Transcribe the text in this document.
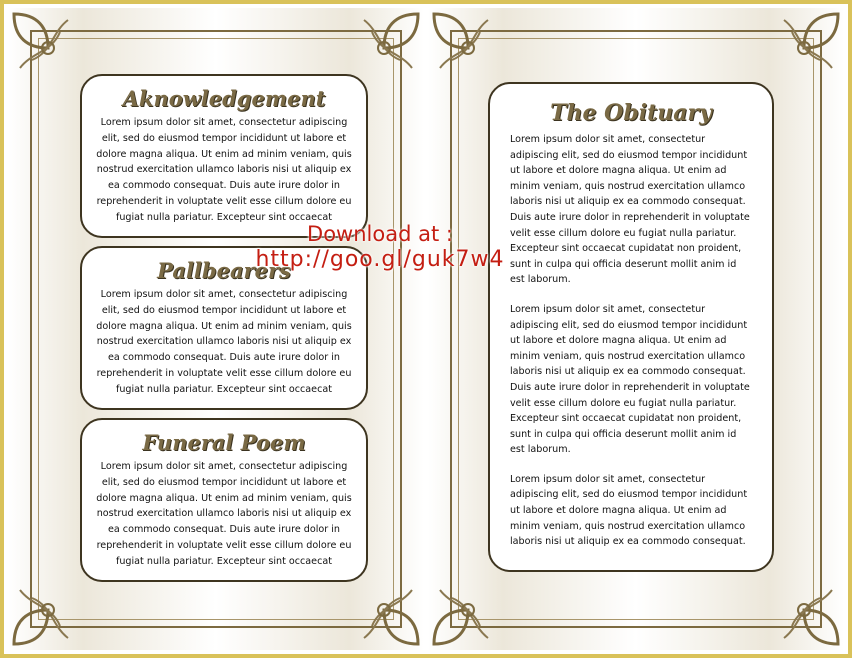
Aknowledgement

Lorem ipsum dolor sit amet, consectetur adipiscing elit, sed do eiusmod tempor incididunt ut labore et dolore magna aliqua. Ut enim ad minim veniam, quis nostrud exercitation ullamco laboris nisi ut aliquip ex ea commodo consequat. Duis aute irure dolor in reprehenderit in voluptate velit esse cillum dolore eu fugiat nulla pariatur. Excepteur sint occaecat

Pallbearers

Lorem ipsum dolor sit amet, consectetur adipiscing elit, sed do eiusmod tempor incididunt ut labore et dolore magna aliqua. Ut enim ad minim veniam, quis nostrud exercitation ullamco laboris nisi ut aliquip ex ea commodo consequat. Duis aute irure dolor in reprehenderit in voluptate velit esse cillum dolore eu fugiat nulla pariatur. Excepteur sint occaecat

Funeral Poem

Lorem ipsum dolor sit amet, consectetur adipiscing elit, sed do eiusmod tempor incididunt ut labore et dolore magna aliqua. Ut enim ad minim veniam, quis nostrud exercitation ullamco laboris nisi ut aliquip ex ea commodo consequat. Duis aute irure dolor in reprehenderit in voluptate velit esse cillum dolore eu fugiat nulla pariatur. Excepteur sint occaecat

The Obituary

Lorem ipsum dolor sit amet, consectetur adipiscing elit, sed do eiusmod tempor incididunt ut labore et dolore magna aliqua. Ut enim ad minim veniam, quis nostrud exercitation ullamco laboris nisi ut aliquip ex ea commodo consequat. Duis aute irure dolor in reprehenderit in voluptate velit esse cillum dolore eu fugiat nulla pariatur. Excepteur sint occaecat cupidatat non proident, sunt in culpa qui officia deserunt mollit anim id est laborum.

Lorem ipsum dolor sit amet, consectetur adipiscing elit, sed do eiusmod tempor incididunt ut labore et dolore magna aliqua. Ut enim ad minim veniam, quis nostrud exercitation ullamco laboris nisi ut aliquip ex ea commodo consequat. Duis aute irure dolor in reprehenderit in voluptate velit esse cillum dolore eu fugiat nulla pariatur. Excepteur sint occaecat cupidatat non proident, sunt in culpa qui officia deserunt mollit anim id est laborum.

Lorem ipsum dolor sit amet, consectetur adipiscing elit, sed do eiusmod tempor incididunt ut labore et dolore magna aliqua. Ut enim ad minim veniam, quis nostrud exercitation ullamco laboris nisi ut aliquip ex ea commodo consequat.

Download at :
http://goo.gl/guk7w4
